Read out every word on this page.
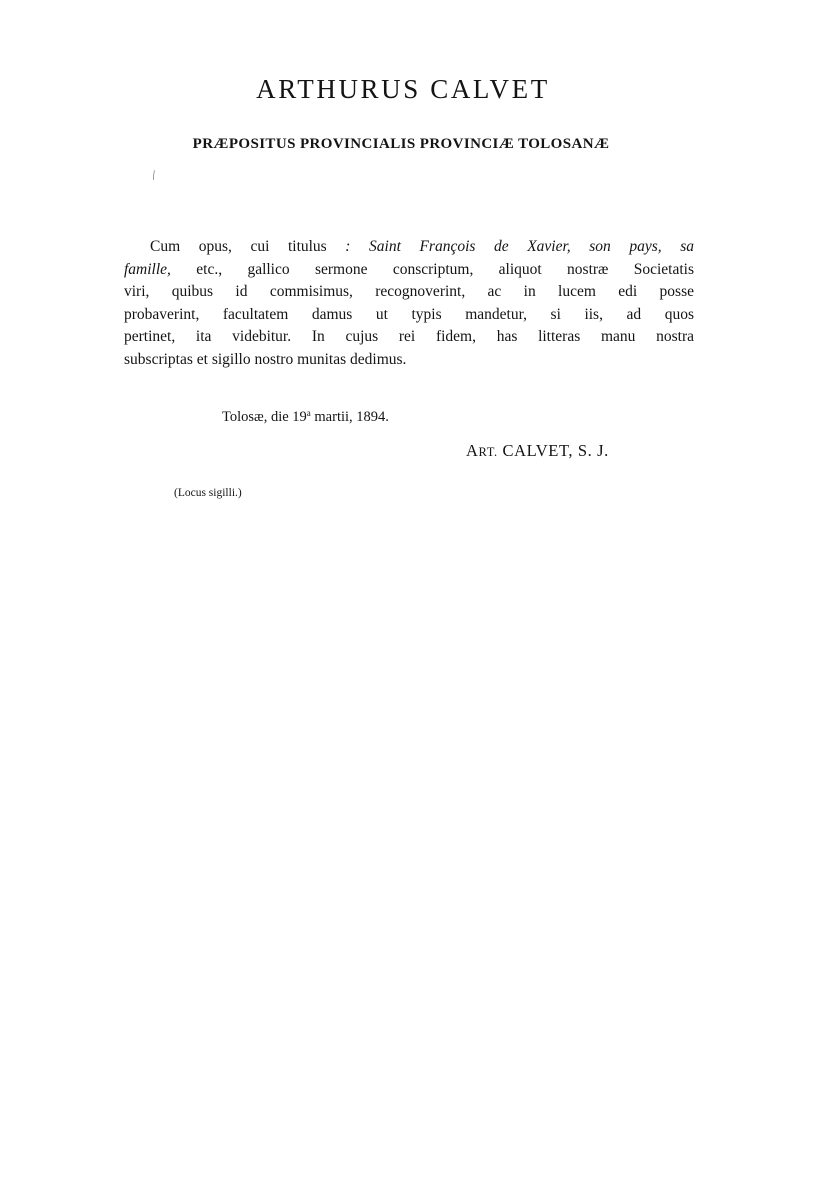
ARTHURUS CALVET
PRÆPOSITUS PROVINCIALIS PROVINCIÆ TOLOSANÆ
⁄
Cum opus, cui titulus : Saint François de Xavier, son pays, sa
famille, etc., gallico sermone conscriptum, aliquot nostræ Societatis
viri, quibus id commisimus, recognoverint, ac in lucem edi posse
probaverint, facultatem damus ut typis mandetur, si iis, ad quos
pertinet, ita videbitur. In cujus rei fidem, has litteras manu nostra
subscriptas et sigillo nostro munitas dedimus.

Tolosæ, die 19$^a$ martii, 1894.

ART. CALVET, S. J.

(Locus sigilli.)
